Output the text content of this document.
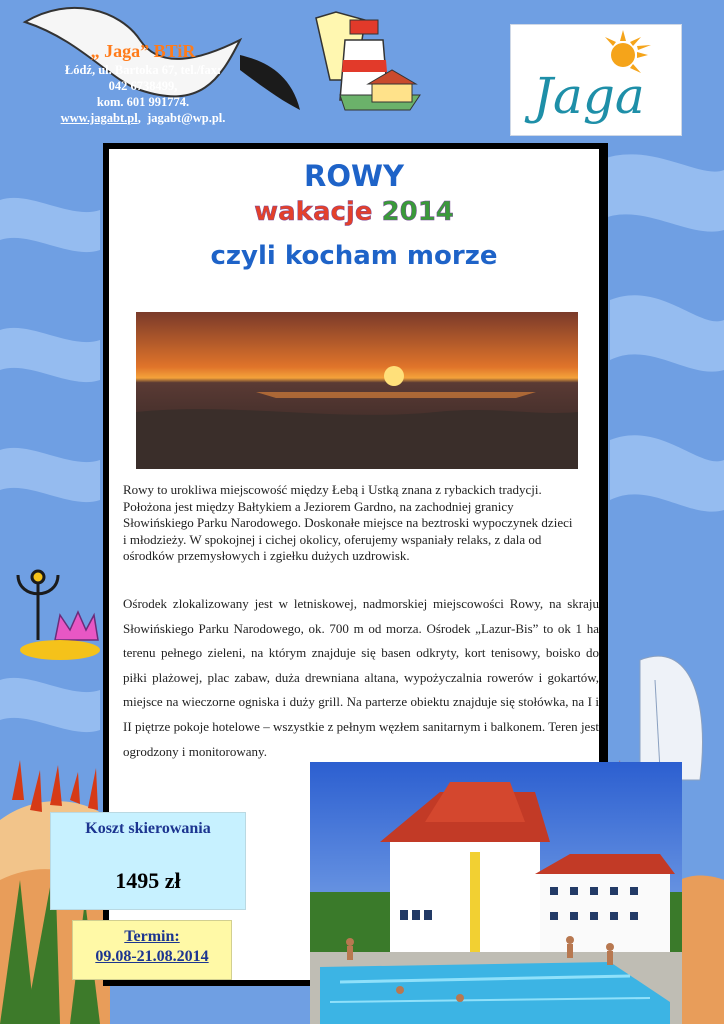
„ Jaga” BTiR
Łódź, ul. Bartoka 67, tel./fax:
042 6738499,
kom. 601 991774.
www.jagabt.pl, jagabt@wp.pl.	Jaga
ROWY
wakacje 2014
czyli kocham morze
Rowy to urokliwa miejscowość między Łebą i Ustką znana z rybackich tradycji. Położona jest między Bałtykiem a Jeziorem Gardno, na zachodniej granicy Słowińskiego Parku Narodowego. Doskonałe miejsce na beztroski wypoczynek dzieci i młodzieży. W spokojnej i cichej okolicy, oferujemy wspaniały relaks, z dala od ośrodków przemysłowych i zgiełku dużych uzdrowisk.
Ośrodek zlokalizowany jest w letniskowej, nadmorskiej miejscowości Rowy, na skraju Słowińskiego Parku Narodowego, ok. 700 m od morza. Ośrodek „Lazur-Bis” to ok 1 ha terenu pełnego zieleni, na którym znajduje się basen odkryty, kort tenisowy, boisko do piłki plażowej, plac zabaw, duża drewniana altana, wypożyczalnia rowerów i gokartów, miejsce na wieczorne ogniska i duży grill. Na parterze obiektu znajduje się stołówka, na I i II piętrze pokoje hotelowe – wszystkie z pełnym węzłem sanitarnym i balkonem. Teren jest ogrodzony i monitorowany.
Koszt skierowania
1495 zł
Termin:
09.08-21.08.2014
